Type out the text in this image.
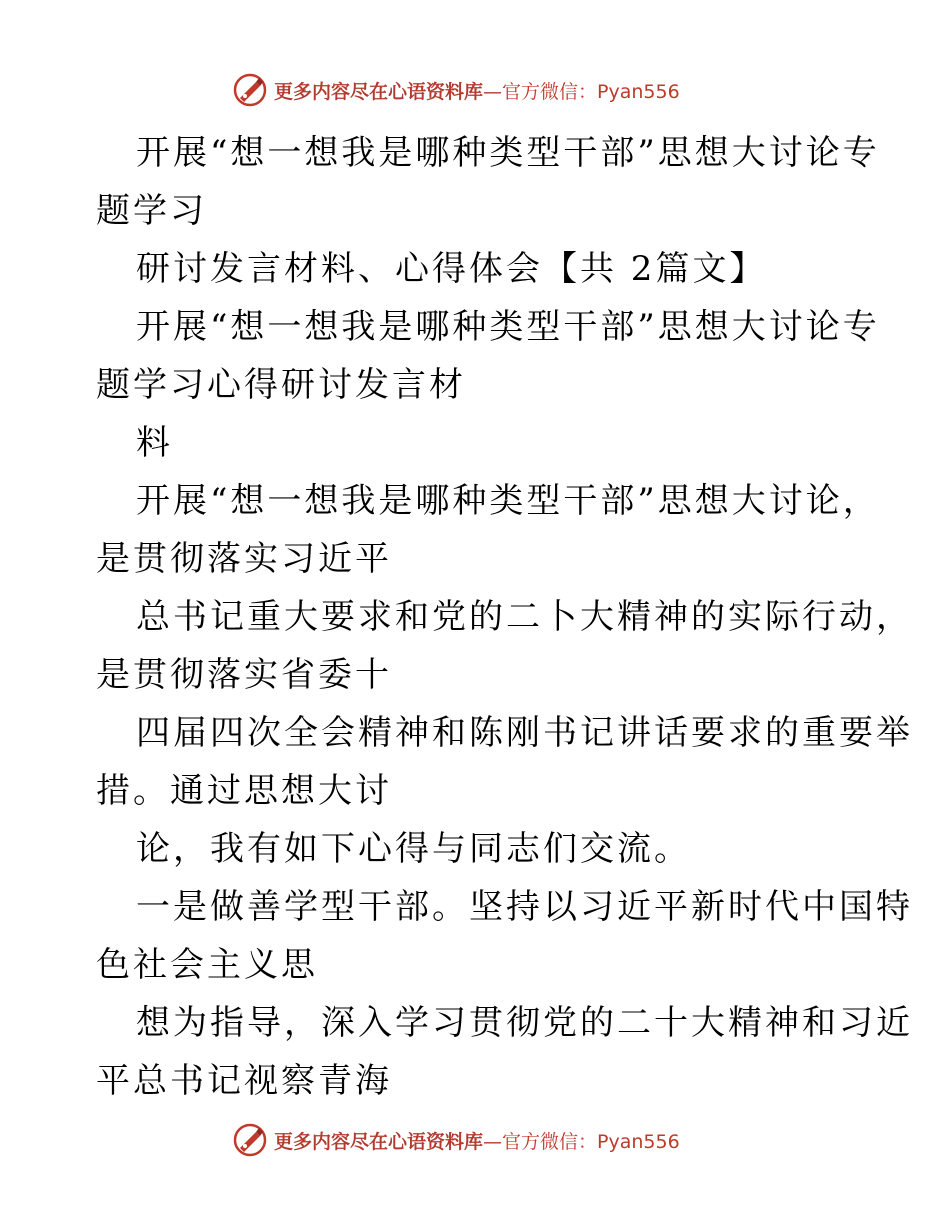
更多内容尽在心语资料库—官方微信：Pyan556
开展“想一想我是哪种类型干部”思想大讨论专
题学习
研讨发言材料、心得体会【共 2篇文】
开展“想一想我是哪种类型干部”思想大讨论专
题学习心得研讨发言材
料
开展“想一想我是哪种类型干部”思想大讨论，
是贯彻落实习近平
总书记重大要求和党的二卜大精神的实际行动，
是贯彻落实省委十
四届四次全会精神和陈刚书记讲话要求的重要举
措。通过思想大讨
论，我有如下心得与同志们交流。
一是做善学型干部。坚持以习近平新时代中国特
色社会主义思
想为指导，深入学习贯彻党的二十大精神和习近
平总书记视察青海
更多内容尽在心语资料库—官方微信：Pyan556
